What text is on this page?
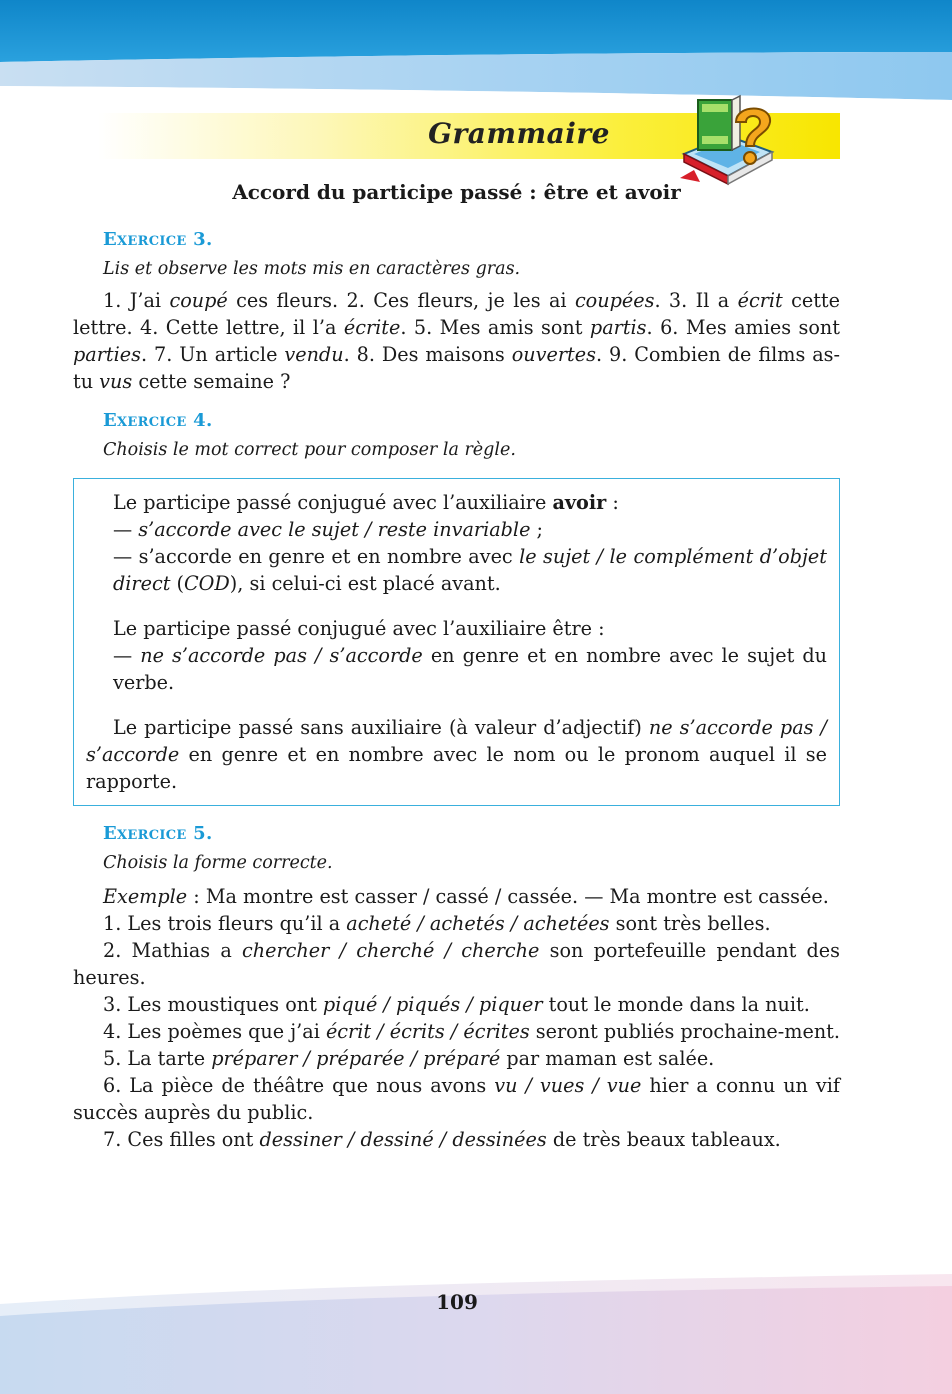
Grammaire
Accord du participe passé : être et avoir

Exercice 3.

Lis et observe les mots mis en caractères gras.

1. J’ai coupé ces fleurs. 2. Ces fleurs, je les ai coupées. 3. Il a écrit cette lettre. 4. Cette lettre, il l’a écrite. 5. Mes amis sont partis. 6. Mes amies sont parties. 7. Un article vendu. 8. Des maisons ouvertes. 9. Combien de films as-tu vus cette semaine ?

Exercice 4.

Choisis le mot correct pour composer la règle.

Le participe passé conjugué avec l’auxiliaire avoir :

— s’accorde avec le sujet / reste invariable ;

— s’accorde en genre et en nombre avec le sujet / le complément d’objet direct (COD), si celui-ci est placé avant.

Le participe passé conjugué avec l’auxiliaire être :

— ne s’accorde pas / s’accorde en genre et en nombre avec le sujet du verbe.

Le participe passé sans auxiliaire (à valeur d’adjectif) ne s’accorde pas / s’accorde en genre et en nombre avec le nom ou le pronom auquel il se rapporte.

Exercice 5.

Choisis la forme correcte.

Exemple : Ma montre est casser / cassé / cassée. — Ma montre est cassée.

1. Les trois fleurs qu’il a acheté / achetés / achetées sont très belles.

2. Mathias a chercher / cherché / cherche son portefeuille pendant des heures.

3. Les moustiques ont piqué / piqués / piquer tout le monde dans la nuit.

4. Les poèmes que j’ai écrit / écrits / écrites seront publiés prochaine-ment.

5. La tarte préparer / préparée / préparé par maman est salée.

6. La pièce de théâtre que nous avons vu / vues / vue hier a connu un vif succès auprès du public.

7. Ces filles ont dessiner / dessiné / dessinées de très beaux tableaux.

109
